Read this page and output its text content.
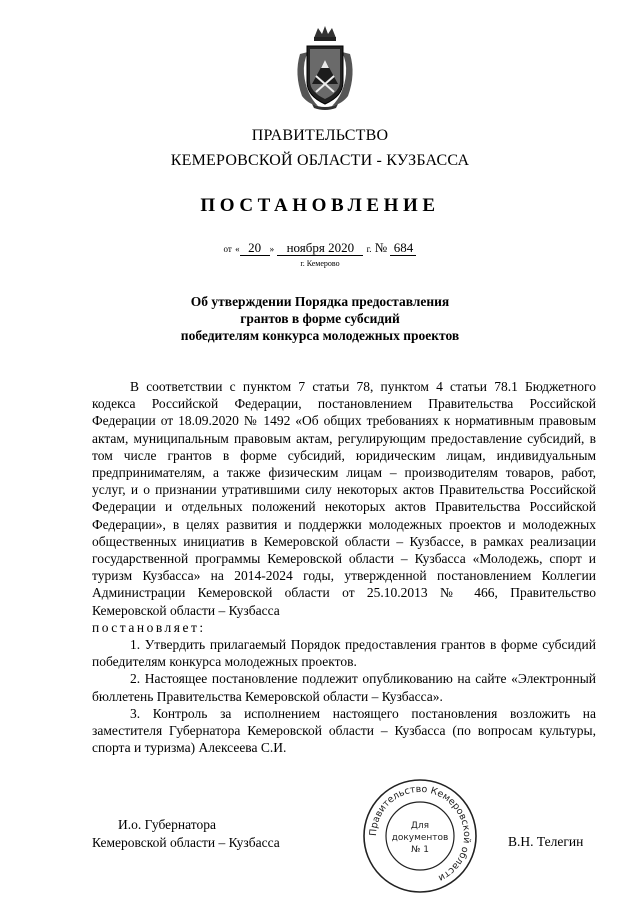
ПРАВИТЕЛЬСТВО
КЕМЕРОВСКОЙ ОБЛАСТИ - КУЗБАССА
ПОСТАНОВЛЕНИЕ
от « 20 » ноября 2020 г. № 684
г. Кемерово
Об утверждении Порядка предоставления
грантов в форме субсидий
победителям конкурса молодежных проектов

В соответствии с пунктом 7 статьи 78, пунктом 4 статьи 78.1 Бюджетного кодекса Российской Федерации, постановлением Правительства Российской Федерации от 18.09.2020 № 1492 «Об общих требованиях к нормативным правовым актам, муниципальным правовым актам, регулирующим предоставление субсидий, в том числе грантов в форме субсидий, юридическим лицам, индивидуальным предпринимателям, а также физическим лицам – производителям товаров, работ, услуг, и о признании утратившими силу некоторых актов Правительства Российской Федерации и отдельных положений некоторых актов Правительства Российской Федерации», в целях развития и поддержки молодежных проектов и молодежных общественных инициатив в Кемеровской области – Кузбассе, в рамках реализации государственной программы Кемеровской области – Кузбасса «Молодежь, спорт и туризм Кузбасса» на 2014-2024 годы, утвержденной постановлением Коллегии Администрации Кемеровской области от 25.10.2013 № 466, Правительство Кемеровской области – Кузбасса

постановляет:

1. Утвердить прилагаемый Порядок предоставления грантов в форме субсидий победителям конкурса молодежных проектов.

2. Настоящее постановление подлежит опубликованию на сайте «Электронный бюллетень Правительства Кемеровской области – Кузбасса».

3. Контроль за исполнением настоящего постановления возложить на заместителя Губернатора Кемеровской области – Кузбасса (по вопросам культуры, спорта и туризма) Алексеева С.И.

И.о. Губернатора
Кемеровской области – Кузбасса
Правительство Кемеровской области
Для
документов
№ 1
В.Н. Телегин
